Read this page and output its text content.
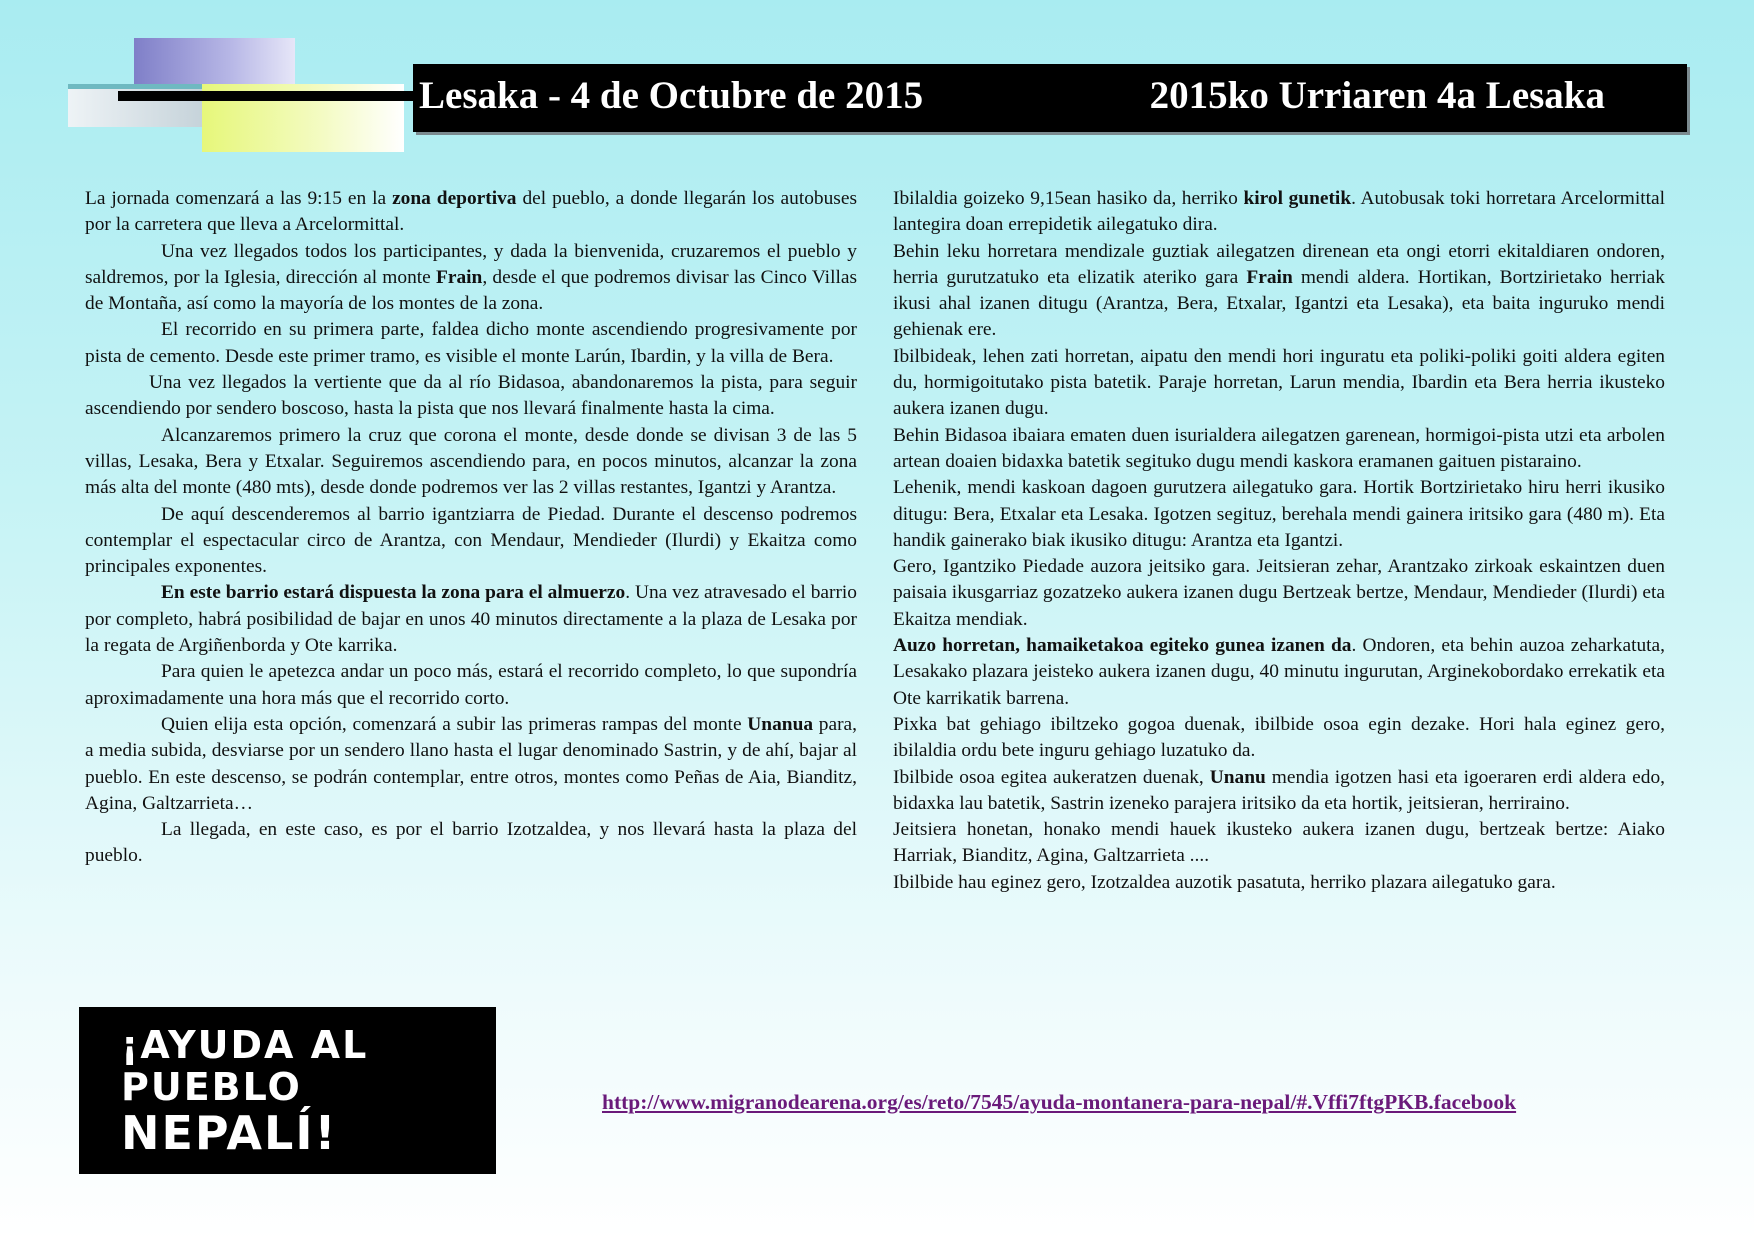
Lesaka - 4 de Octubre de 2015	2015ko Urriaren 4a Lesaka

La jornada comenzará a las 9:15 en la zona deportiva del pueblo, a donde llegarán los autobuses por la carretera que lleva a Arcelormittal.

Una vez llegados todos los participantes, y dada la bienvenida, cruzaremos el pueblo y saldremos, por la Iglesia, dirección al monte Frain, desde el que podremos divisar las Cinco Villas de Montaña, así como la mayoría de los montes de la zona.

El recorrido en su primera parte, faldea dicho monte ascendiendo progresivamente por pista de cemento. Desde este primer tramo, es visible el monte Larún, Ibardin, y la villa de Bera.

Una vez llegados la vertiente que da al río Bidasoa, abandonaremos la pista, para seguir ascendiendo por sendero boscoso, hasta la pista que nos llevará finalmente hasta la cima.

Alcanzaremos primero la cruz que corona el monte, desde donde se divisan 3 de las 5 villas, Lesaka, Bera y Etxalar. Seguiremos ascendiendo para, en pocos minutos, alcanzar la zona más alta del monte (480 mts), desde donde podremos ver las 2 villas restantes, Igantzi y Arantza.

De aquí descenderemos al barrio igantziarra de Piedad. Durante el descenso podremos contemplar el espectacular circo de Arantza, con Mendaur, Mendieder (Ilurdi) y Ekaitza como principales exponentes.

En este barrio estará dispuesta la zona para el almuerzo. Una vez atravesado el barrio por completo, habrá posibilidad de bajar en unos 40 minutos directamente a la plaza de Lesaka por la regata de Argiñenborda y Ote karrika.

Para quien le apetezca andar un poco más, estará el recorrido completo, lo que supondría aproximadamente una hora más que el recorrido corto.

Quien elija esta opción, comenzará a subir las primeras rampas del monte Unanua para, a media subida, desviarse por un sendero llano hasta el lugar denominado Sastrin, y de ahí, bajar al pueblo. En este descenso, se podrán contemplar, entre otros, montes como Peñas de Aia, Bianditz, Agina, Galtzarrieta…

La llegada, en este caso, es por el barrio Izotzaldea, y nos llevará hasta la plaza del pueblo.

Ibilaldia goizeko 9,15ean hasiko da, herriko kirol gunetik. Autobusak toki horretara Arcelormittal lantegira doan errepidetik ailegatuko dira.

Behin leku horretara mendizale guztiak ailegatzen direnean eta ongi etorri ekitaldiaren ondoren, herria gurutzatuko eta elizatik ateriko gara Frain mendi aldera. Hortikan, Bortzirietako herriak ikusi ahal izanen ditugu (Arantza, Bera, Etxalar, Igantzi eta Lesaka), eta baita inguruko mendi gehienak ere.

Ibilbideak, lehen zati horretan, aipatu den mendi hori inguratu eta poliki-poliki goiti aldera egiten du, hormigoitutako pista batetik. Paraje horretan, Larun mendia, Ibardin eta Bera herria ikusteko aukera izanen dugu.

Behin Bidasoa ibaiara ematen duen isurialdera ailegatzen garenean, hormigoi-pista utzi eta arbolen artean doaien bidaxka batetik segituko dugu mendi kaskora eramanen gaituen pistaraino.

Lehenik, mendi kaskoan dagoen gurutzera ailegatuko gara. Hortik Bortzirietako hiru herri ikusiko ditugu: Bera, Etxalar eta Lesaka. Igotzen segituz, berehala mendi gainera iritsiko gara (480 m). Eta handik gainerako biak ikusiko ditugu: Arantza eta Igantzi.

Gero, Igantziko Piedade auzora jeitsiko gara. Jeitsieran zehar, Arantzako zirkoak eskaintzen duen paisaia ikusgarriaz gozatzeko aukera izanen dugu Bertzeak bertze, Mendaur, Mendieder (Ilurdi) eta Ekaitza mendiak.

Auzo horretan, hamaiketakoa egiteko gunea izanen da. Ondoren, eta behin auzoa zeharkatuta, Lesakako plazara jeisteko aukera izanen dugu, 40 minutu ingurutan, Arginekobordako errekatik eta Ote karrikatik barrena.

Pixka bat gehiago ibiltzeko gogoa duenak, ibilbide osoa egin dezake. Hori hala eginez gero, ibilaldia ordu bete inguru gehiago luzatuko da.

Ibilbide osoa egitea aukeratzen duenak, Unanu mendia igotzen hasi eta igoeraren erdi aldera edo, bidaxka lau batetik, Sastrin izeneko parajera iritsiko da eta hortik, jeitsieran, herriraino.

Jeitsiera honetan, honako mendi hauek ikusteko aukera izanen dugu, bertzeak bertze: Aiako Harriak, Bianditz, Agina, Galtzarrieta ....

Ibilbide hau eginez gero, Izotzaldea auzotik pasatuta, herriko plazara ailegatuko gara.

¡AYUDA AL
PUEBLO
NEPALÍ!
http://www.migranodearena.org/es/reto/7545/ayuda-montanera-para-nepal/#.Vffi7ftgPKB.facebook
